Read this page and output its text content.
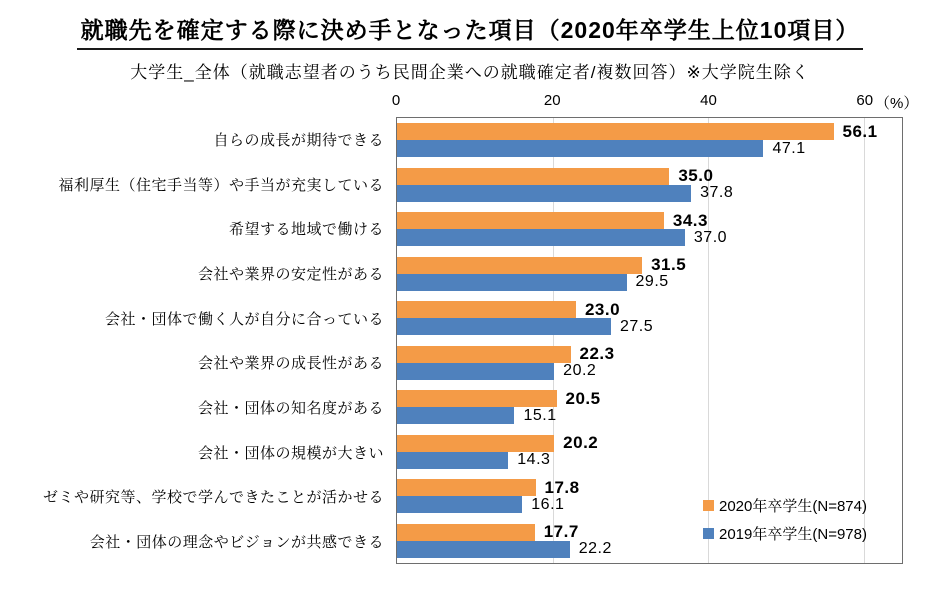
就職先を確定する際に決め手となった項目（2020年卒学生上位10項目）
大学生_全体（就職志望者のうち民間企業への就職確定者/複数回答）※大学院生除く
（%）
0	20	40	60
自らの成長が期待できる
福利厚生（住宅手当等）や手当が充実している
希望する地域で働ける
会社や業界の安定性がある
会社・団体で働く人が自分に合っている
会社や業界の成長性がある
会社・団体の知名度がある
会社・団体の規模が大きい
ゼミや研究等、学校で学んできたことが活かせる
会社・団体の理念やビジョンが共感できる
56.1
47.1
35.0
37.8
34.3
37.0
31.5
29.5
23.0
27.5
22.3
20.2
20.5
15.1
20.2
14.3
17.8
16.1
17.7
22.2
2020年卒学生(N=874)
2019年卒学生(N=978)
